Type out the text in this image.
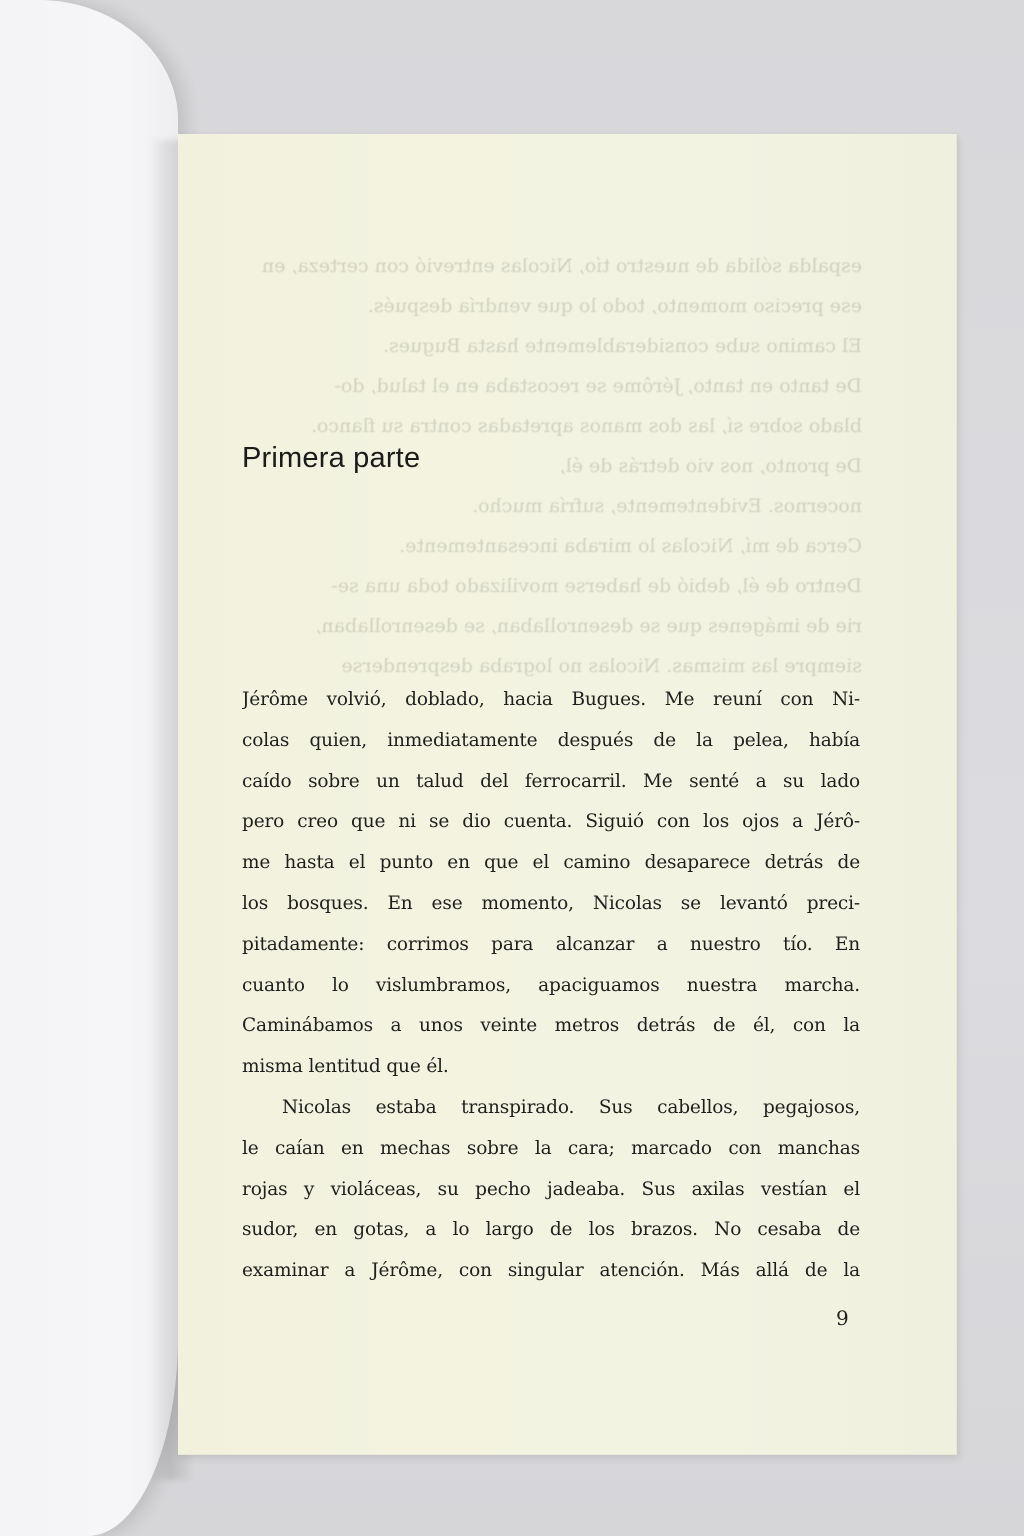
espalda sólida de nuestro tío, Nicolas entrevió con certeza, en
ese preciso momento, todo lo que vendría después.
El camino sube considerablemente hasta Bugues.
De tanto en tanto, Jérôme se recostaba en el talud, do-
blado sobre sí, las dos manos apretadas contra su flanco.
De pronto, nos vio detrás de él,
nocernos. Evidentemente, sufría mucho.
Cerca de mí, Nicolas lo miraba incesantemente.
Dentro de él, debió de haberse movilizado toda una se-
rie de imágenes que se desenrollaban, se desenrollaban,
siempre las mismas. Nicolas no lograba desprenderse
Primera parte
Jérôme volvió, doblado, hacia Bugues. Me reuní con Ni-
colas quien, inmediatamente después de la pelea, había
caído sobre un talud del ferrocarril. Me senté a su lado
pero creo que ni se dio cuenta. Siguió con los ojos a Jérô-
me hasta el punto en que el camino desaparece detrás de
los bosques. En ese momento, Nicolas se levantó preci-
pitadamente: corrimos para alcanzar a nuestro tío. En
cuanto lo vislumbramos, apaciguamos nuestra marcha.
Caminábamos a unos veinte metros detrás de él, con la
misma lentitud que él.
Nicolas estaba transpirado. Sus cabellos, pegajosos,
le caían en mechas sobre la cara; marcado con manchas
rojas y violáceas, su pecho jadeaba. Sus axilas vestían el
sudor, en gotas, a lo largo de los brazos. No cesaba de
examinar a Jérôme, con singular atención. Más allá de la
9
